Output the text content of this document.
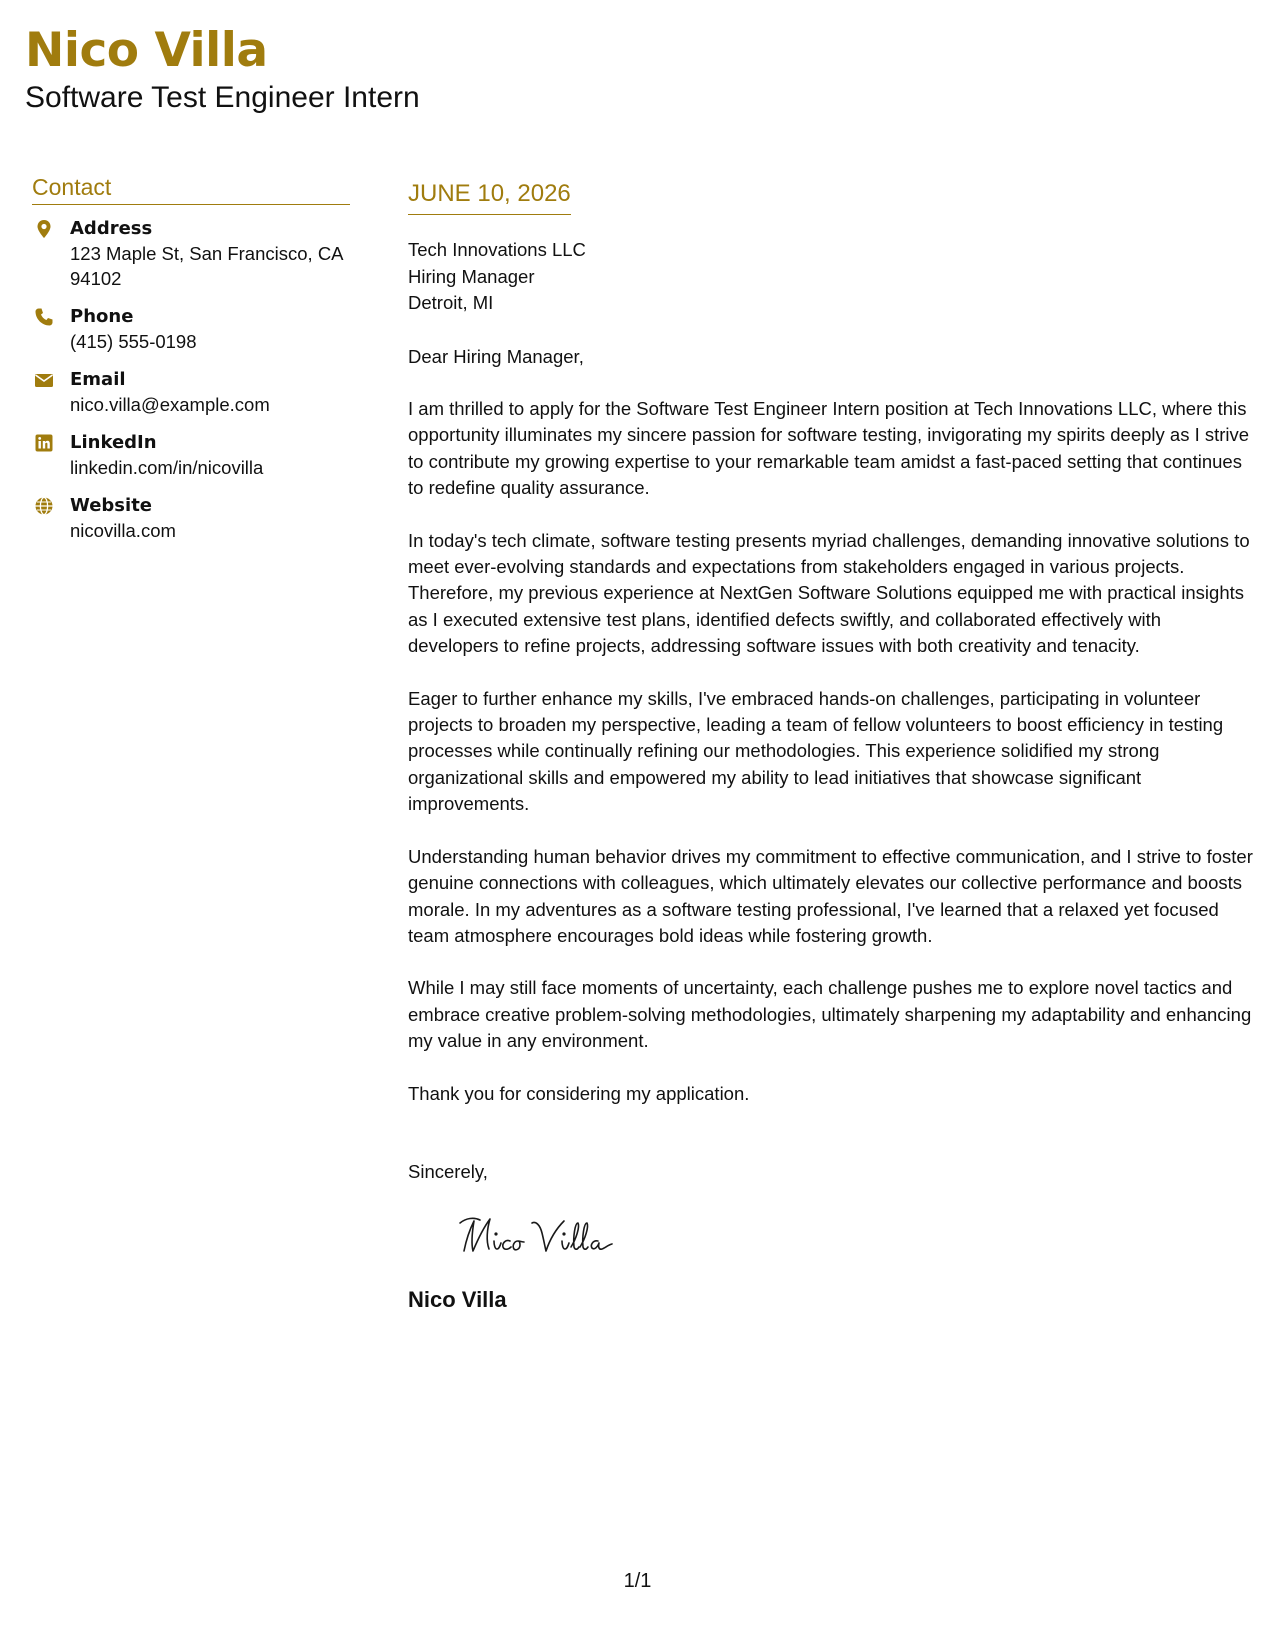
Nico Villa
Software Test Engineer Intern
Contact
Address
123 Maple St, San Francisco, CA
94102
Phone
(415) 555-0198
Email
nico.villa@example.com
LinkedIn
linkedin.com/in/nicovilla
Website
nicovilla.com
JUNE 10, 2026
Tech Innovations LLC
Hiring Manager
Detroit, MI
Dear Hiring Manager,
I am thrilled to apply for the Software Test Engineer Intern position at Tech Innovations LLC, where this opportunity illuminates my sincere passion for software testing, invigorating my spirits deeply as I strive to contribute my growing expertise to your remarkable team amidst a fast-paced setting that continues to redefine quality assurance.
In today's tech climate, software testing presents myriad challenges, demanding innovative solutions to meet ever-evolving standards and expectations from stakeholders engaged in various projects. Therefore, my previous experience at NextGen Software Solutions equipped me with practical insights as I executed extensive test plans, identified defects swiftly, and collaborated effectively with developers to refine projects, addressing software issues with both creativity and tenacity.
Eager to further enhance my skills, I've embraced hands-on challenges, participating in volunteer projects to broaden my perspective, leading a team of fellow volunteers to boost efficiency in testing processes while continually refining our methodologies. This experience solidified my strong organizational skills and empowered my ability to lead initiatives that showcase significant improvements.
Understanding human behavior drives my commitment to effective communication, and I strive to foster genuine connections with colleagues, which ultimately elevates our collective performance and boosts morale. In my adventures as a software testing professional, I've learned that a relaxed yet focused team atmosphere encourages bold ideas while fostering growth.
While I may still face moments of uncertainty, each challenge pushes me to explore novel tactics and embrace creative problem-solving methodologies, ultimately sharpening my adaptability and enhancing my value in any environment.
Thank you for considering my application.
Sincerely,
Nico Villa
1/1
